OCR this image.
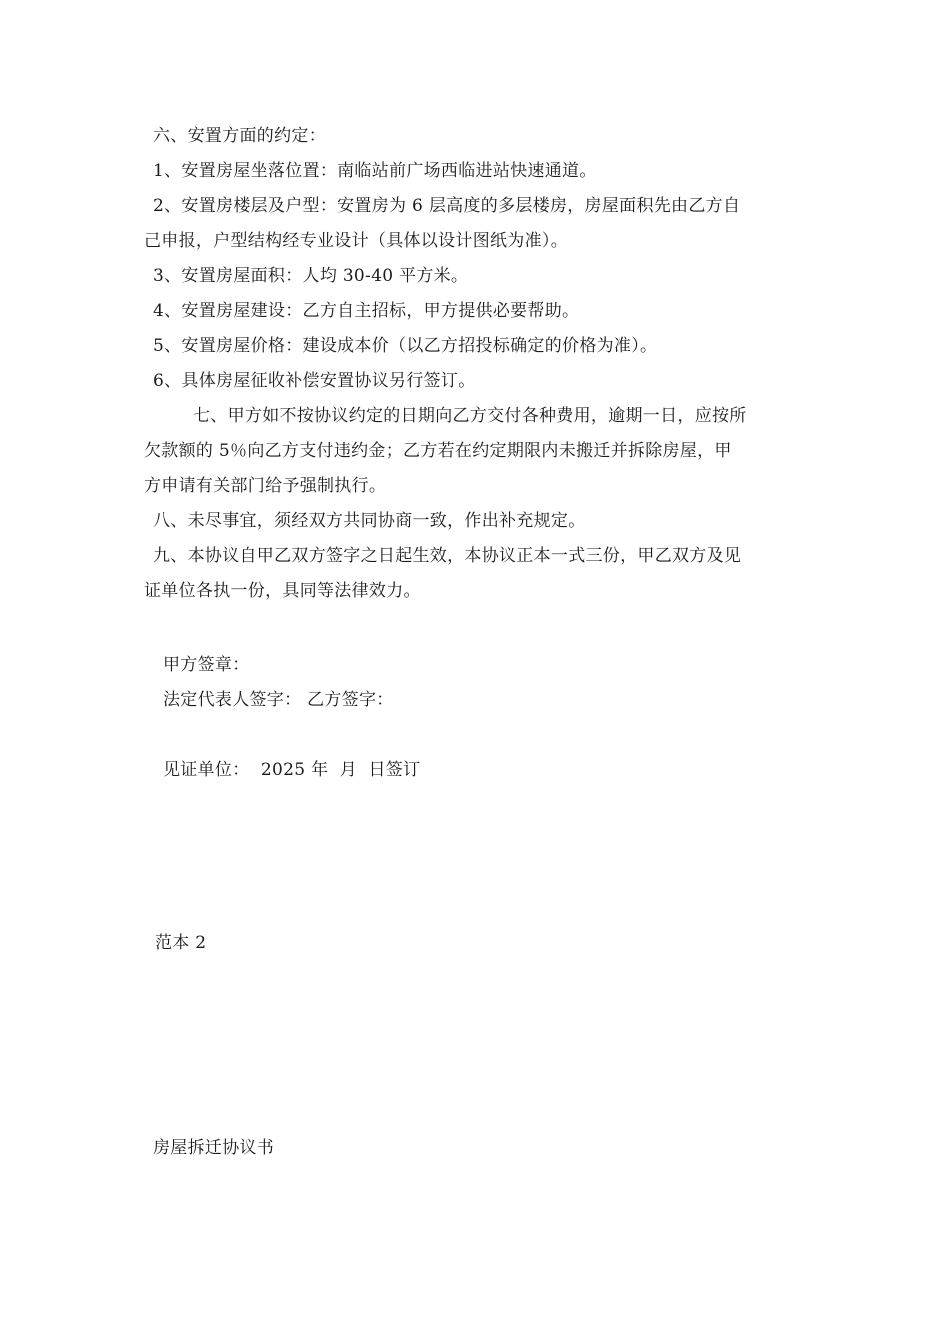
六、安置方面的约定：
1、安置房屋坐落位置：南临站前广场西临进站快速通道。
2、安置房楼层及户型：安置房为 6 层高度的多层楼房，房屋面积先由乙方自
己申报，户型结构经专业设计（具体以设计图纸为准）。
3、安置房屋面积：人均 30-40 平方米。
4、安置房屋建设：乙方自主招标，甲方提供必要帮助。
5、安置房屋价格：建设成本价（以乙方招投标确定的价格为准）。
6、具体房屋征收补偿安置协议另行签订。
七、甲方如不按协议约定的日期向乙方交付各种费用，逾期一日，应按所
欠款额的 5％向乙方支付违约金；乙方若在约定期限内未搬迁并拆除房屋，甲
方申请有关部门给予强制执行。
八、未尽事宜，须经双方共同协商一致，作出补充规定。
九、本协议自甲乙双方签字之日起生效，本协议正本一式三份，甲乙双方及见
证单位各执一份，具同等法律效力。
甲方签章：
法定代表人签字： 乙方签字：
见证单位：  2025 年  月  日签订
范本 2
房屋拆迁协议书
